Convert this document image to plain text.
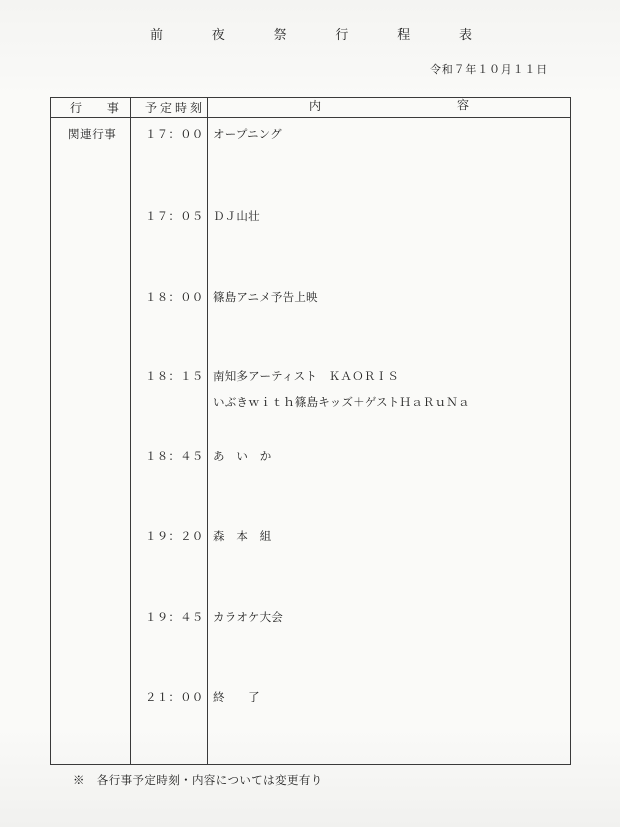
前　　夜　　祭　　行　　程　　表
令和７年１０月１１日
行　　事 予定時刻	内	容
関連行事 １７：００ オープニング
１７：０５ ＤＪ山壮
１８：００ 篠島アニメ予告上映
１８：１５ 南知多アーティスト　ＫＡＯＲＩＳ
いぶきｗｉｔｈ篠島キッズ＋ゲストＨａＲｕＮａ
１８：４５ あ　い　か
１９：２０ 森　本　組
１９：４５ カラオケ大会
２１：００ 終　　了
※　各行事予定時刻・内容については変更有り
